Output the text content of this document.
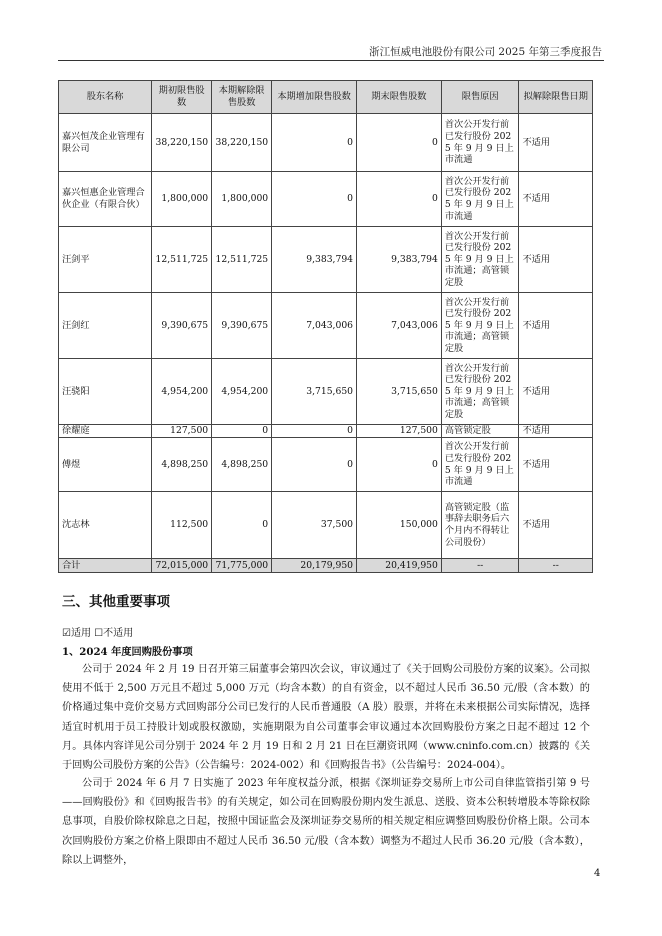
浙江恒威电池股份有限公司 2025 年第三季度报告
股东名称	期初限售股数	本期解除限售股数	本期增加限售股数	期末限售股数	限售原因	拟解除限售日期
嘉兴恒茂企业管理有限公司	38,220,150	38,220,150	0	0	首次公开发行前已发行股份 2025 年 9 月 9 日上市流通	不适用
嘉兴恒惠企业管理合伙企业（有限合伙）	1,800,000	1,800,000	0	0	首次公开发行前已发行股份 2025 年 9 月 9 日上市流通	不适用
汪剑平	12,511,725	12,511,725	9,383,794	9,383,794	首次公开发行前已发行股份 2025 年 9 月 9 日上市流通；高管锁定股	不适用
汪剑红	9,390,675	9,390,675	7,043,006	7,043,006	首次公开发行前已发行股份 2025 年 9 月 9 日上市流通；高管锁定股	不适用
汪骁阳	4,954,200	4,954,200	3,715,650	3,715,650	首次公开发行前已发行股份 2025 年 9 月 9 日上市流通；高管锁定股	不适用
徐耀庭	127,500	0	0	127,500	高管锁定股	不适用
傅煜	4,898,250	4,898,250	0	0	首次公开发行前已发行股份 2025 年 9 月 9 日上市流通	不适用
沈志林	112,500	0	37,500	150,000	高管锁定股（监事辞去职务后六个月内不得转让公司股份）	不适用
合计	72,015,000	71,775,000	20,179,950	20,419,950	--	--
三、其他重要事项
☑适用 ☐不适用
1、2024 年度回购股份事项

公司于 2024 年 2 月 19 日召开第三届董事会第四次会议，审议通过了《关于回购公司股份方案的议案》。公司拟使用不低于 2,500 万元且不超过 5,000 万元（均含本数）的自有资金，以不超过人民币 36.50 元/股（含本数）的价格通过集中竞价交易方式回购部分公司已发行的人民币普通股（A 股）股票，并将在未来根据公司实际情况，选择适宜时机用于员工持股计划或股权激励，实施期限为自公司董事会审议通过本次回购股份方案之日起不超过 12 个月。具体内容详见公司分别于 2024 年 2 月 19 日和 2 月 21 日在巨潮资讯网（www.cninfo.com.cn）披露的《关于回购公司股份方案的公告》（公告编号：2024-002）和《回购报告书》（公告编号：2024-004）。

公司于 2024 年 6 月 7 日实施了 2023 年年度权益分派，根据《深圳证券交易所上市公司自律监管指引第 9 号——回购股份》和《回购报告书》的有关规定，如公司在回购股份期内发生派息、送股、资本公积转增股本等除权除息事项，自股价除权除息之日起，按照中国证监会及深圳证券交易所的相关规定相应调整回购股份价格上限。公司本次回购股份方案之价格上限即由不超过人民币 36.50 元/股（含本数）调整为不超过人民币 36.20 元/股（含本数），除以上调整外，

4
